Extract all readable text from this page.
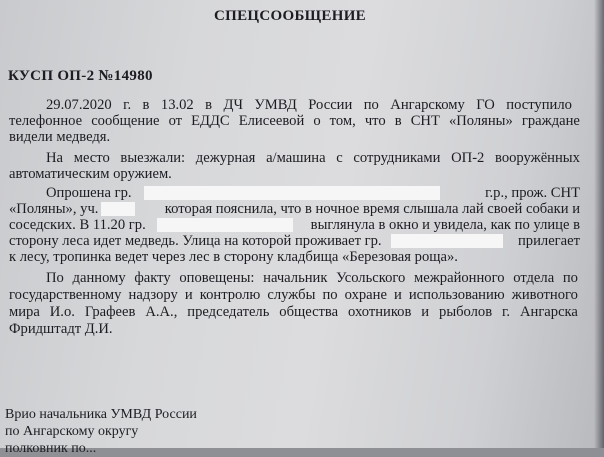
СПЕЦСООБЩЕНИЕ
КУСП ОП-2 №14980
29.07.2020 г. в 13.02 в ДЧ УМВД России по Ангарскому ГО поступило
телефонное сообщение от ЕДДС Елисеевой о том, что в СНТ «Поляны» граждане
видели медведя.
На место выезжали: дежурная а/машина с сотрудниками ОП-2 вооружённых
автоматическим оружием.
Опрошена гр.	г.р., прож. СНТ
«Поляны», уч.	которая пояснила, что в ночное время слышала лай своей собаки и
соседских. В 11.20 гр.	выглянула в окно и увидела, как по улице в
сторону леса идет медведь. Улица на которой проживает гр.	прилегает
к лесу, тропинка ведет через лес в сторону кладбища «Березовая роща».
По данному факту оповещены: начальник Усольского межрайонного отдела по
государственному надзору и контролю службы по охране и использованию животного
мира И.о. Графеев А.А., председатель общества охотников и рыболов г. Ангарска
Фридштадт Д.И.
Врио начальника УМВД России
по Ангарскому округу
полковник по...
